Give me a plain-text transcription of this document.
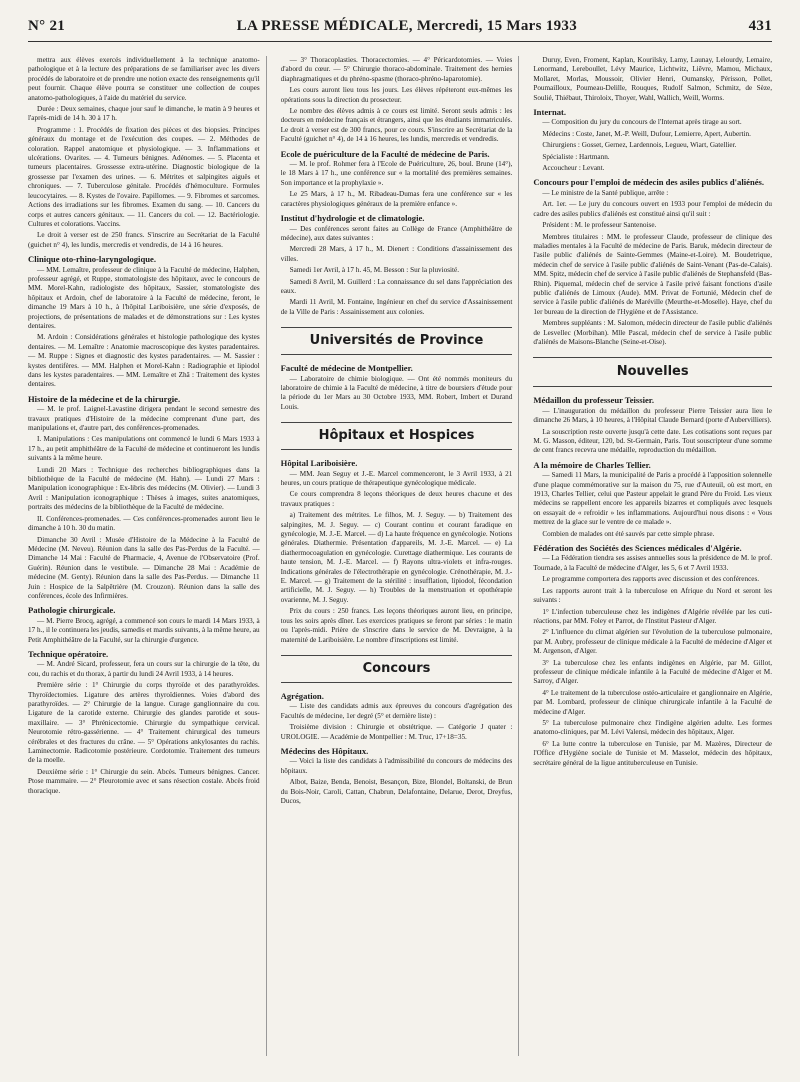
N° 21	LA PRESSE MÉDICALE, Mercredi, 15 Mars 1933	431

mettra aux élèves exercés individuellement à la technique anatomo-pathologique et à la lecture des préparations de se familiariser avec les divers procédés de laboratoire et de prendre une notion exacte des renseignements qu'il peut fournir. Chaque élève pourra se constituer une collection de coupes anatomo-pathologiques, à l'aide du matériel du service.

Durée : Deux semaines, chaque jour sauf le dimanche, le matin à 9 heures et l'après-midi de 14 h. 30 à 17 h.

Programme : 1. Procédés de fixation des pièces et des biopsies. Principes généraux du montage et de l'exécution des coupes. — 2. Méthodes de coloration. Rappel anatomique et physiologique. — 3. Inflammations et ulcérations. Ovarites. — 4. Tumeurs bénignes. Adénomes. — 5. Placenta et tumeurs placentaires. Grossesse extra-utérine. Diagnostic biologique de la grossesse par l'examen des urines. — 6. Métrites et salpingites aiguës et chroniques. — 7. Tuberculose génitale. Procédés d'hémoculture. Formules leucocytaires. — 8. Kystes de l'ovaire. Papillomes. — 9. Fibromes et sarcomes. Actions des irradiations sur les fibromes. Examen du sang. — 10. Cancers du corps et autres cancers génitaux. — 11. Cancers du col. — 12. Bactériologie. Cultures et colorations. Vaccins.

Le droit à verser est de 250 francs. S'inscrire au Secrétariat de la Faculté (guichet n° 4), les lundis, mercredis et vendredis, de 14 à 16 heures.

Clinique oto-rhino-laryngologique.

— MM. Lemaître, professeur de clinique à la Faculté de médecine, Halphen, professeur agrégé, et Ruppe, stomatologiste des hôpitaux, avec le concours de MM. Morel-Kahn, radiologiste des hôpitaux, Sassier, stomatologiste des hôpitaux et Ardoin, chef de laboratoire à la Faculté de médecine, feront, le dimanche 19 Mars à 10 h., à l'hôpital Lariboisière, une série d'exposés, de projections, de présentations de malades et de démonstrations sur : Les kystes dentaires.

M. Ardoin : Considérations générales et histologie pathologique des kystes dentaires. — M. Lemaître : Anatomie macroscopique des kystes paradentaires. — M. Ruppe : Signes et diagnostic des kystes paradentaires. — M. Sassier : kystes dentifères. — MM. Halphen et Morel-Kahn : Radiographie et lipiodol dans les kystes paradentaires. — MM. Lemaître et Zhā : Traitement des kystes dentaires.

Histoire de la médecine et de la chirurgie.

— M. le prof. Laignel-Lavastine dirigera pendant le second semestre des travaux pratiques d'Histoire de la médecine comprenant d'une part, des manipulations et, d'autre part, des conférences-promenades.

I. Manipulations : Ces manipulations ont commencé le lundi 6 Mars 1933 à 17 h., au petit amphithéâtre de la Faculté de médecine et continueront les lundis suivants à la même heure.

Lundi 20 Mars : Technique des recherches bibliographiques dans la bibliothèque de la Faculté de médecine (M. Hahn). — Lundi 27 Mars : Manipulation iconographique : Ex-libris des médecins (M. Olivier). — Lundi 3 Avril : Manipulation iconographique : Thèses à images, suites anatomiques, portraits des médecins de la bibliothèque de la Faculté de médecine.

II. Conférences-promenades. — Ces conférences-promenades auront lieu le dimanche à 10 h. 30 du matin.

Dimanche 30 Avril : Musée d'Histoire de la Médecine à la Faculté de Médecine (M. Neveu). Réunion dans la salle des Pas-Perdus de la Faculté. — Dimanche 14 Mai : Faculté de Pharmacie, 4, Avenue de l'Observatoire (Prof. Guérin). Réunion dans le vestibule. — Dimanche 28 Mai : Académie de médecine (M. Genty). Réunion dans la salle des Pas-Perdus. — Dimanche 11 Juin : Hospice de la Salpêtrière (M. Crouzon). Réunion dans la salle des conférences, école des Infirmières.

Pathologie chirurgicale.

— M. Pierre Brocq, agrégé, a commencé son cours le mardi 14 Mars 1933, à 17 h., il le continuera les jeudis, samedis et mardis suivants, à la même heure, au Petit Amphithéâtre de la Faculté, sur la chirurgie d'urgence.

Technique opératoire.

— M. André Sicard, professeur, fera un cours sur la chirurgie de la tête, du cou, du rachis et du thorax, à partir du lundi 24 Avril 1933, à 14 heures.

Première série : 1° Chirurgie du corps thyroïde et des parathyroïdes. Thyroïdectomies. Ligature des artères thyroïdiennes. Voies d'abord des parathyroïdes. — 2° Chirurgie de la langue. Curage ganglionnaire du cou. Ligature de la carotide externe. Chirurgie des glandes parotide et sous-maxillaire. — 3° Phrénicectomie. Chirurgie du sympathique cervical. Neurotomie rétro-gassérienne. — 4° Traitement chirurgical des tumeurs cérébrales et des fractures du crâne. — 5° Opérations ankylosantes du rachis. Laminectomie. Radicotomie postérieure. Cordotomie. Traitement des tumeurs de la moelle.

Deuxième série : 1° Chirurgie du sein. Abcès. Tumeurs bénignes. Cancer. Ptose mammaire. — 2° Pleurotomie avec et sans résection costale. Abcès froid thoracique.

— 3° Thoracoplasties. Thoracectomies. — 4° Péricardotomies. — Voies d'abord du cœur. — 5° Chirurgie thoraco-abdominale. Traitement des hernies diaphragmatiques et du phréno-spasme (thoraco-phréno-laparotomie).

Les cours auront lieu tous les jours. Les élèves répéteront eux-mêmes les opérations sous la direction du prosecteur.

Le nombre des élèves admis à ce cours est limité. Seront seuls admis : les docteurs en médecine français et étrangers, ainsi que les étudiants immatriculés. Le droit à verser est de 300 francs, pour ce cours. S'inscrire au Secrétariat de la Faculté (guichet n° 4), de 14 à 16 heures, les lundis, mercredis et vendredis.

Ecole de puériculture de la Faculté de médecine de Paris.

— M. le prof. Rohmer fera à l'Ecole de Puériculture, 26, boul. Brune (14°), le 18 Mars à 17 h., une conférence sur « la mortalité des premières semaines. Son importance et la prophylaxie ».

Le 25 Mars, à 17 h., M. Ribadeau-Dumas fera une conférence sur « les caractères physiologiques généraux de la première enfance ».

Institut d'hydrologie et de climatologie.

— Des conférences seront faites au Collège de France (Amphithéâtre de médecine), aux dates suivantes :

Mercredi 28 Mars, à 17 h., M. Dienert : Conditions d'assainissement des villes.

Samedi 1er Avril, à 17 h. 45, M. Besson : Sur la pluviosité.

Samedi 8 Avril, M. Guillerd : La connaissance du sel dans l'appréciation des eaux.

Mardi 11 Avril, M. Fontaine, Ingénieur en chef du service d'Assainissement de la Ville de Paris : Assainissement aux colonies.

Universités de Province
Faculté de médecine de Montpellier.

— Laboratoire de chimie biologique. — Ont été nommés moniteurs du laboratoire de chimie à la Faculté de médecine, à titre de boursiers d'étude pour la période du 1er Mars au 30 Octobre 1933, MM. Robert, Imbert et Durand Louis.

Hôpitaux et Hospices
Hôpital Lariboisière.

— MM. Jean Seguy et J.-E. Marcel commenceront, le 3 Avril 1933, à 21 heures, un cours pratique de thérapeutique gynécologique médicale.

Ce cours comprendra 8 leçons théoriques de deux heures chacune et des travaux pratiques :

a) Traitement des métrites. Le filhos, M. J. Seguy. — b) Traitement des salpingites, M. J. Seguy. — c) Courant continu et courant faradique en gynécologie, M. J.-E. Marcel. — d) La haute fréquence en gynécologie. Notions générales. Diathermie. Présentation d'appareils, M. J.-E. Marcel. — e) La diathermocoagulation en gynécologie. Curettage diathermique. Les courants de haute tension, M. J.-E. Marcel. — f) Rayons ultra-violets et infra-rouges. Indications générales de l'électrothérapie en gynécologie. Crénothérapie, M. J.-E. Marcel. — g) Traitement de la stérilité : insufflation, lipiodol, fécondation artificielle, M. J. Seguy. — h) Troubles de la menstruation et opothérapie ovarienne, M. J. Seguy.

Prix du cours : 250 francs. Les leçons théoriques auront lieu, en principe, tous les soirs après dîner. Les exercices pratiques se feront par séries : le matin ou l'après-midi. Prière de s'inscrire dans le service de M. Devraigne, à la maternité de Lariboisière. Le nombre d'inscriptions est limité.

Concours
Agrégation.

— Liste des candidats admis aux épreuves du concours d'agrégation des Facultés de médecine, 1er degré (5° et dernière liste) :

Troisième division : Chirurgie et obstétrique. — Catégorie J quater : UROLOGIE. — Académie de Montpellier : M. Truc, 17+18=35.

Médecins des Hôpitaux.

— Voici la liste des candidats à l'admissibilité du concours de médecins des hôpitaux.

Albot, Baize, Benda, Benoist, Besançon, Bize, Blondel, Boltanski, de Brun du Bois-Noir, Caroli, Cattan, Chabrun, Delafontaine, Delarue, Derot, Dreyfus, Ducos,

Duruy, Even, Froment, Kaplan, Kourilsky, Lamy, Launay, Lelourdy, Lemaire, Lenormand, Lereboullet, Lévy Maurice, Lichtwitz, Liêvre, Mamou, Michaux, Mollaret, Morlas, Moussoir, Olivier Henri, Oumansky, Périsson, Pollet, Poumailloux, Poumeau-Delille, Rouques, Rudolf Salmon, Schmitz, de Sèze, Soulié, Thiébaut, Thiroloix, Thoyer, Wahl, Wallich, Weill, Worms.

Internat.

— Composition du jury du concours de l'Internat après tirage au sort.

Médecins : Coste, Janet, M.-P. Weill, Dufour, Lemierre, Apert, Aubertin.

Chirurgiens : Gosset, Gernez, Lardennois, Legueu, Wiart, Gatellier.

Spécialiste : Hartmann.

Accoucheur : Levant.

Concours pour l'emploi de médecin des asiles publics d'aliénés.

— Le ministre de la Santé publique, arrête :

Art. 1er. — Le jury du concours ouvert en 1933 pour l'emploi de médecin du cadre des asiles publics d'aliénés est constitué ainsi qu'il suit :

Président : M. le professeur Santenoise.

Membres titulaires : MM. le professeur Claude, professeur de clinique des maladies mentales à la Faculté de médecine de Paris. Baruk, médecin directeur de l'asile public d'aliénés de Sainte-Gemmes (Maine-et-Loire). M. Boudetrique, médecin chef de service à l'asile public d'aliénés de Saint-Venant (Pas-de-Calais). MM. Spitz, médecin chef de service à l'asile public d'aliénés de Stephansfeld (Bas-Rhin). Piquemal, médecin chef de service à l'asile privé faisant fonctions d'asile public d'aliénés de Limoux (Aude). MM. Privat de Fortunié, Médecin chef de service à l'asile public d'aliénés de Maréville (Meurthe-et-Moselle). Haye, chef du 1er bureau de la direction de l'Hygiène et de l'Assistance.

Membres suppléants : M. Salomon, médecin directeur de l'asile public d'aliénés de Lesvellec (Morbihan). Mlle Pascal, médecin chef de service à l'asile public d'aliénés de Maisons-Blanche (Seine-et-Oise).

Nouvelles
Médaillon du professeur Teissier.

— L'inauguration du médaillon du professeur Pierre Teissier aura lieu le dimanche 26 Mars, à 10 heures, à l'Hôpital Claude Bernard (porte d'Aubervilliers).

La souscription reste ouverte jusqu'à cette date. Les cotisations sont reçues par M. G. Masson, éditeur, 120, bd. St-Germain, Paris. Tout souscripteur d'une somme de cent francs recevra une médaille, reproduction du médaillon.

A la mémoire de Charles Tellier.

— Samedi 11 Mars, la municipalité de Paris a procédé à l'apposition solennelle d'une plaque commémorative sur la maison du 75, rue d'Auteuil, où est mort, en 1913, Charles Tellier, celui que Pasteur appelait le grand Père du Froid. Les vieux médecins se rappellent encore les appareils bizarres et compliqués avec lesquels on essayait de « refroidir » les inflammations. Aujourd'hui nous disons : « Vous mettrez de la glace sur le ventre de ce malade ».

Combien de malades ont été sauvés par cette simple phrase.

Fédération des Sociétés des Sciences médicales d'Algérie.

— La Fédération tiendra ses assises annuelles sous la présidence de M. le prof. Tournade, à la Faculté de médecine d'Alger, les 5, 6 et 7 Avril 1933.

Le programme comportera des rapports avec discussion et des conférences.

Les rapports auront trait à la tuberculose en Afrique du Nord et seront les suivants :

1° L'infection tuberculeuse chez les indigènes d'Algérie révélée par les cuti-réactions, par MM. Foley et Parrot, de l'Institut Pasteur d'Alger.

2° L'influence du climat algérien sur l'évolution de la tuberculose pulmonaire, par M. Aubry, professeur de clinique médicale à la Faculté de médecine d'Alger et M. Argenson, d'Alger.

3° La tuberculose chez les enfants indigènes en Algérie, par M. Gillot, professeur de clinique médicale infantile à la Faculté de médecine d'Alger et M. Sarroy, d'Alger.

4° Le traitement de la tuberculose ostéo-articulaire et ganglionnaire en Algérie, par M. Lombard, professeur de clinique chirurgicale infantile à la Faculté de médecine d'Alger.

5° La tuberculose pulmonaire chez l'indigène algérien adulte. Les formes anatomo-cliniques, par M. Lévi Valensi, médecin des hôpitaux, Alger.

6° La lutte contre la tuberculose en Tunisie, par M. Mazères, Directeur de l'Office d'Hygiène sociale de Tunisie et M. Masselot, médecin des hôpitaux, secrétaire général de la ligue antituberculeuse en Tunisie.
